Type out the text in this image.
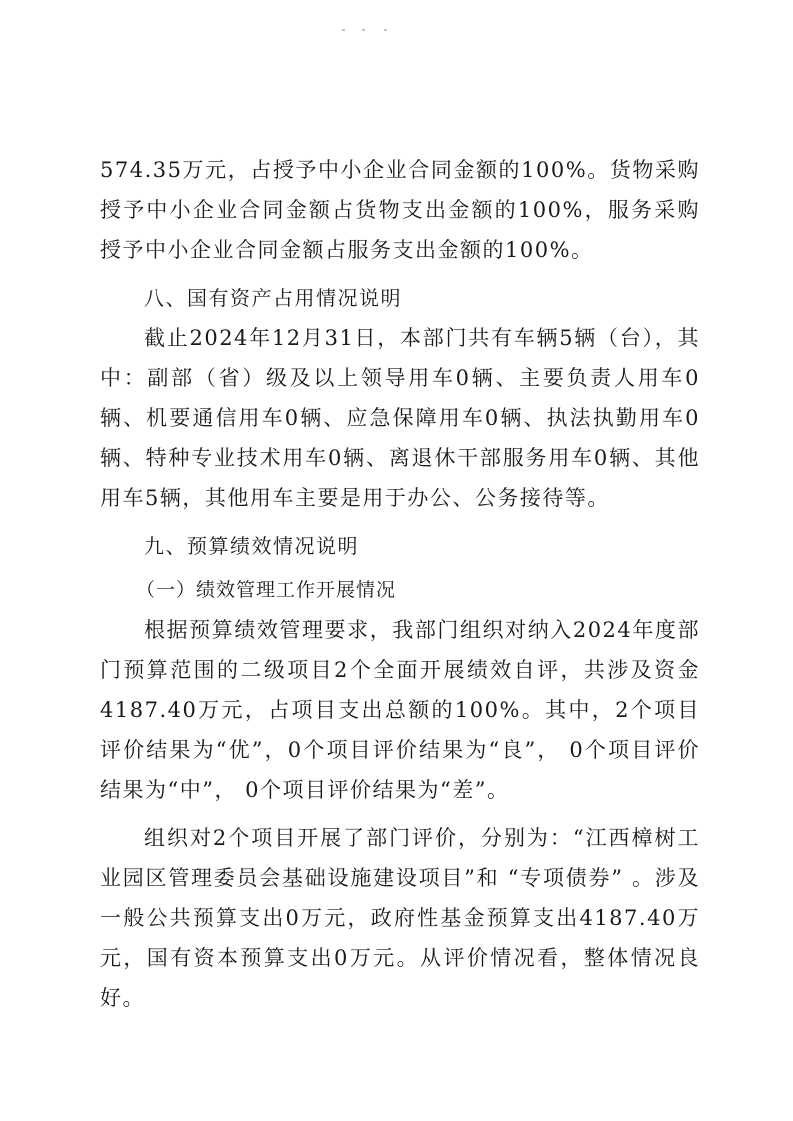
574.35万元，占授予中小企业合同金额的100%。货物采购授予中小企业合同金额占货物支出金额的100%，服务采购授予中小企业合同金额占服务支出金额的100%。

八、国有资产占用情况说明

截止2024年12月31日，本部门共有车辆5辆（台），其中：副部（省）级及以上领导用车0辆、主要负责人用车0辆、机要通信用车0辆、应急保障用车0辆、执法执勤用车0辆、特种专业技术用车0辆、离退休干部服务用车0辆、其他用车5辆，其他用车主要是用于办公、公务接待等。

九、预算绩效情况说明

（一）绩效管理工作开展情况

根据预算绩效管理要求，我部门组织对纳入2024年度部门预算范围的二级项目2个全面开展绩效自评，共涉及资金4187.40万元，占项目支出总额的100%。其中，2个项目评价结果为“优”，0个项目评价结果为“良”， 0个项目评价结果为“中”， 0个项目评价结果为“差”。

组织对2个项目开展了部门评价，分别为：“江西樟树工业园区管理委员会基础设施建设项目”和 “专项债券” 。涉及一般公共预算支出0万元，政府性基金预算支出4187.40万元，国有资本预算支出0万元。从评价情况看，整体情况良好。
